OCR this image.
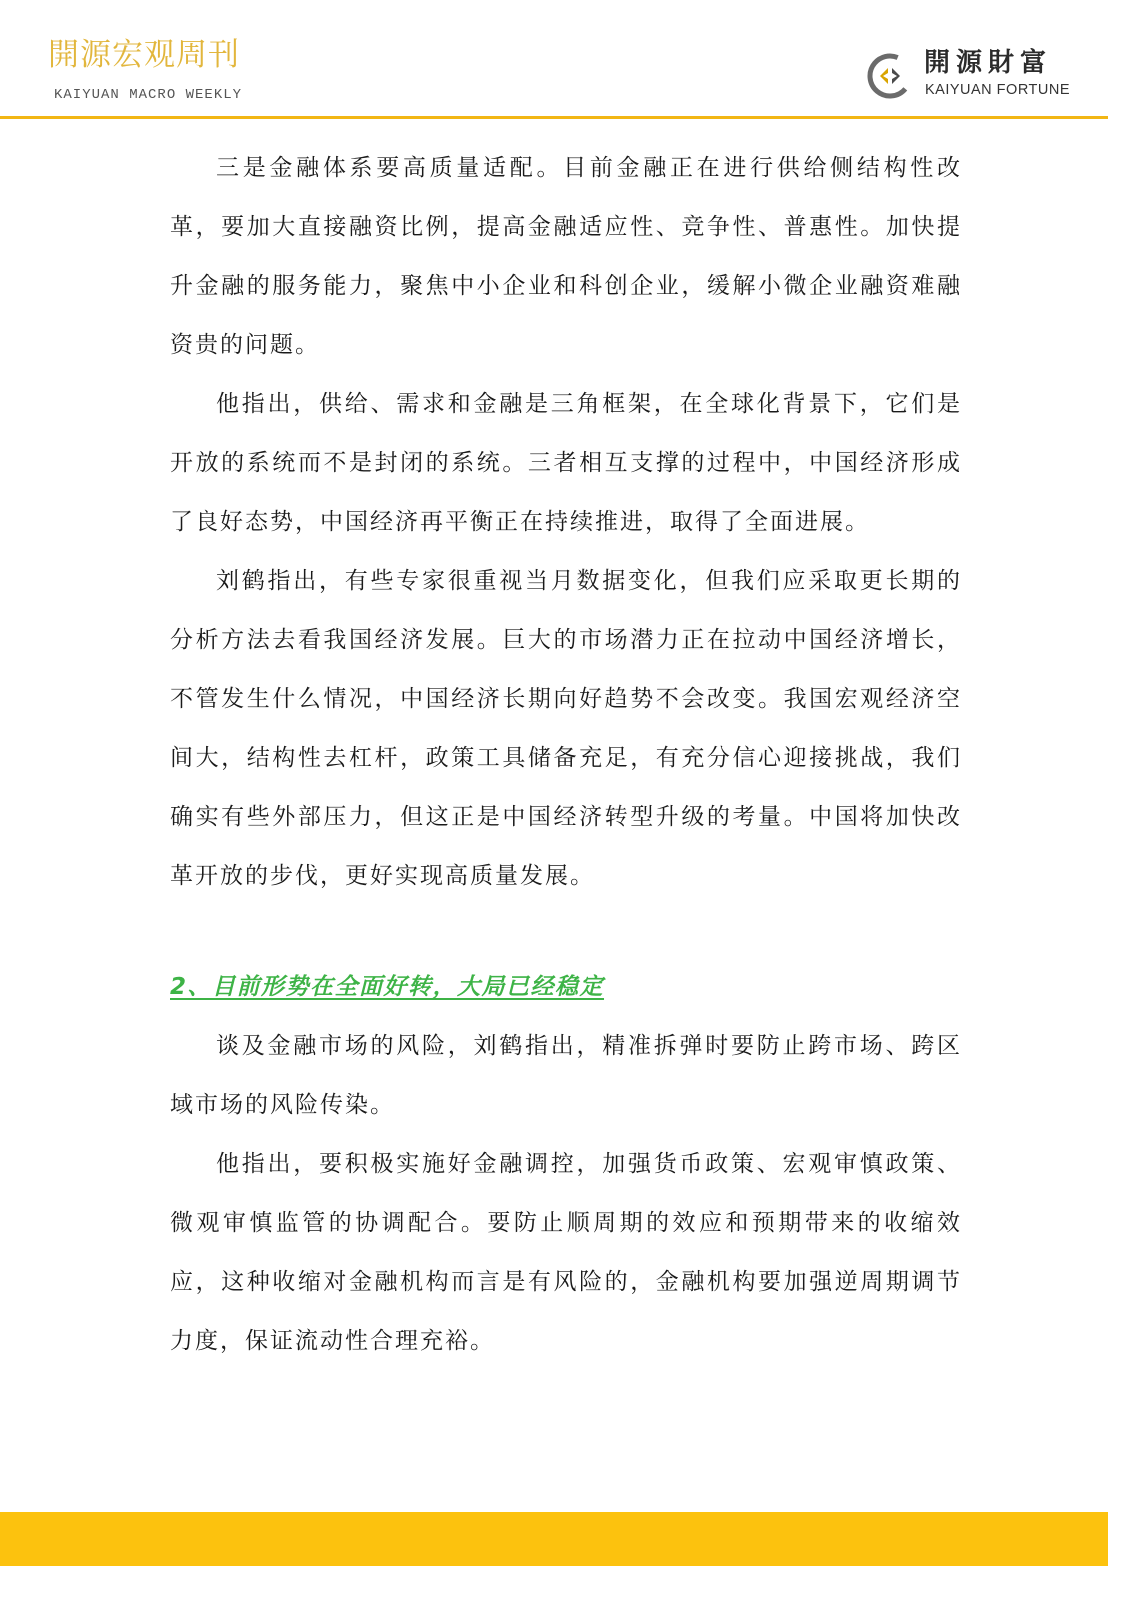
開源宏观周刊
KAIYUAN MACRO WEEKLY
開源財富
KAIYUAN FORTUNE

三是金融体系要高质量适配。目前金融正在进行供给侧结构性改革，要加大直接融资比例，提高金融适应性、竞争性、普惠性。加快提升金融的服务能力，聚焦中小企业和科创企业，缓解小微企业融资难融资贵的问题。

他指出，供给、需求和金融是三角框架，在全球化背景下，它们是开放的系统而不是封闭的系统。三者相互支撑的过程中，中国经济形成了良好态势，中国经济再平衡正在持续推进，取得了全面进展。

刘鹤指出，有些专家很重视当月数据变化，但我们应采取更长期的分析方法去看我国经济发展。巨大的市场潜力正在拉动中国经济增长，不管发生什么情况，中国经济长期向好趋势不会改变。我国宏观经济空间大，结构性去杠杆，政策工具储备充足，有充分信心迎接挑战，我们确实有些外部压力，但这正是中国经济转型升级的考量。中国将加快改革开放的步伐，更好实现高质量发展。

2、目前形势在全面好转，大局已经稳定

谈及金融市场的风险，刘鹤指出，精准拆弹时要防止跨市场、跨区域市场的风险传染。

他指出，要积极实施好金融调控，加强货币政策、宏观审慎政策、微观审慎监管的协调配合。要防止顺周期的效应和预期带来的收缩效应，这种收缩对金融机构而言是有风险的，金融机构要加强逆周期调节力度，保证流动性合理充裕。
